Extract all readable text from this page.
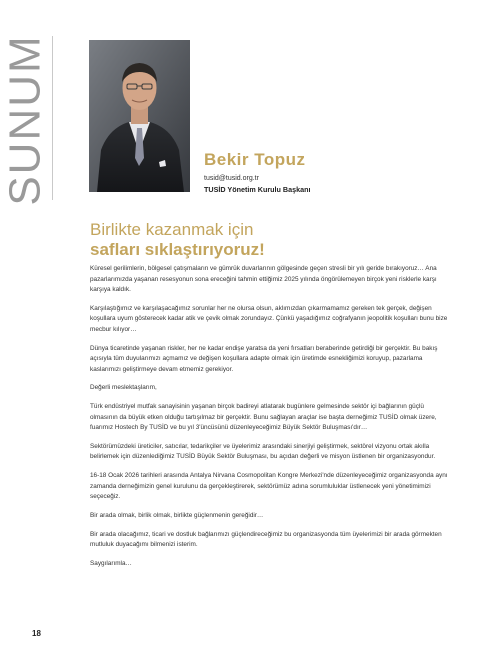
SUNUM	Bekir Topuz
tusid@tusid.org.tr
TUSİD Yönetim Kurulu Başkanı
Birlikte kazanmak için
safları sıklaştırıyoruz!

Küresel gerilimlerin, bölgesel çatışmaların ve gümrük duvarlarının gölgesinde geçen stresli bir yılı geride bırakıyoruz… Ana pazarlarımızda yaşanan resesyonun sona ereceğini tahmin ettiğimiz 2025 yılında öngörülemeyen birçok yeni risklerle karşı karşıya kaldık.

Karşılaştığımız ve karşılaşacağımız sorunlar her ne olursa olsun, aklımızdan çıkarmamamız gereken tek gerçek, değişen koşullara uyum gösterecek kadar atik ve çevik olmak zorundayız. Çünkü yaşadığımız coğrafyanın jeopolitik koşulları bunu bize mecbur kılıyor…

Dünya ticaretinde yaşanan riskler, her ne kadar endişe yaratsa da yeni fırsatları beraberinde getirdiği bir gerçektir. Bu bakış açısıyla tüm duyularımızı açmamız ve değişen koşullara adapte olmak için üretimde esnekliğimizi koruyup, pazarlama kaslarımızı geliştirmeye devam etmemiz gerekiyor.

Değerli meslektaşlarım,

Türk endüstriyel mutfak sanayisinin yaşanan birçok badireyi atlatarak bugünlere gelmesinde sektör içi bağlarının güçlü olmasının da büyük etken olduğu tartışılmaz bir gerçektir. Bunu sağlayan araçlar ise başta derneğimiz TUSİD olmak üzere, fuarımız Hostech By TUSİD ve bu yıl 3'üncüsünü düzenleyeceğimiz Büyük Sektör Buluşması'dır…

Sektörümüzdeki üreticiler, satıcılar, tedarikçiler ve üyelerimiz arasındaki sinerjiyi geliştirmek, sektörel vizyonu ortak akılla belirlemek için düzenlediğimiz TUSİD Büyük Sektör Buluşması, bu açıdan değerli ve misyon üstlenen bir organizasyondur.

16-18 Ocak 2026 tarihleri arasında Antalya Nirvana Cosmopolitan Kongre Merkezi'nde düzenleyeceğimiz organizasyonda aynı zamanda derneğimizin genel kurulunu da gerçekleştirerek, sektörümüz adına sorumluluklar üstlenecek yeni yönetimimizi seçeceğiz.

Bir arada olmak, birlik olmak, birlikte güçlenmenin gereğidir…

Bir arada olacağımız, ticari ve dostluk bağlarımızı güçlendireceğimiz bu organizasyonda tüm üyelerimizi bir arada görmekten mutluluk duyacağımı bilmenizi isterim.

Saygılarımla…

18
